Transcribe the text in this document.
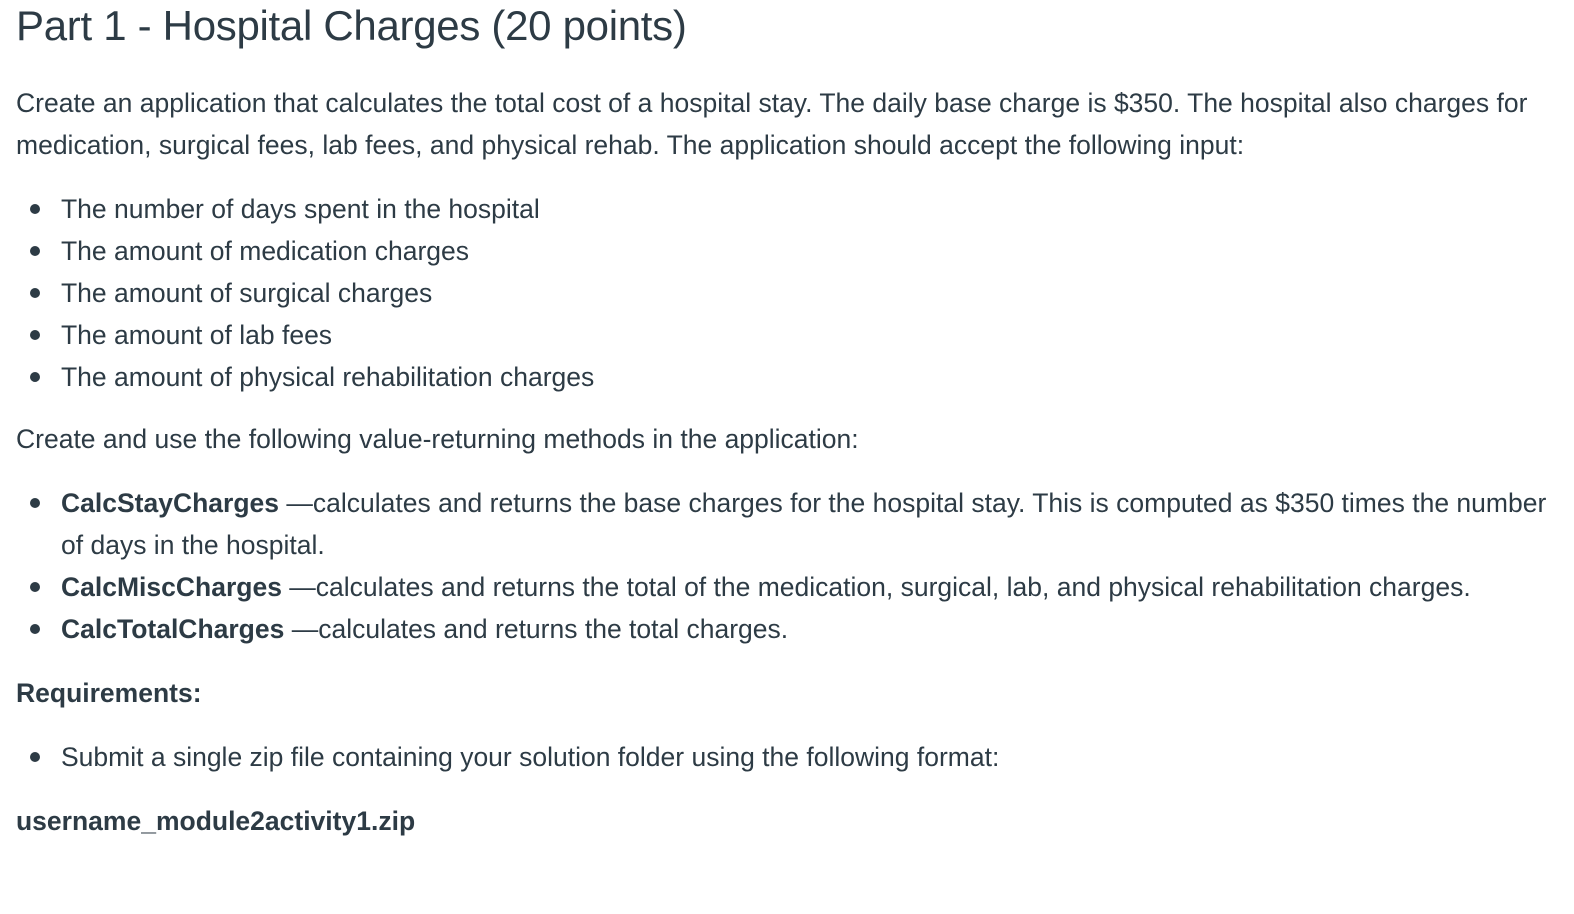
Part 1 - Hospital Charges (20 points)

Create an application that calculates the total cost of a hospital stay. The daily base charge is $350. The hospital also charges for medication, surgical fees, lab fees, and physical rehab. The application should accept the following input:

The number of days spent in the hospital
The amount of medication charges
The amount of surgical charges
The amount of lab fees
The amount of physical rehabilitation charges

Create and use the following value-returning methods in the application:

CalcStayCharges —calculates and returns the base charges for the hospital stay. This is computed as $350 times the number of days in the hospital.
CalcMiscCharges —calculates and returns the total of the medication, surgical, lab, and physical rehabilitation charges.
CalcTotalCharges —calculates and returns the total charges.

Requirements:

Submit a single zip file containing your solution folder using the following format:

username_module2activity1.zip
